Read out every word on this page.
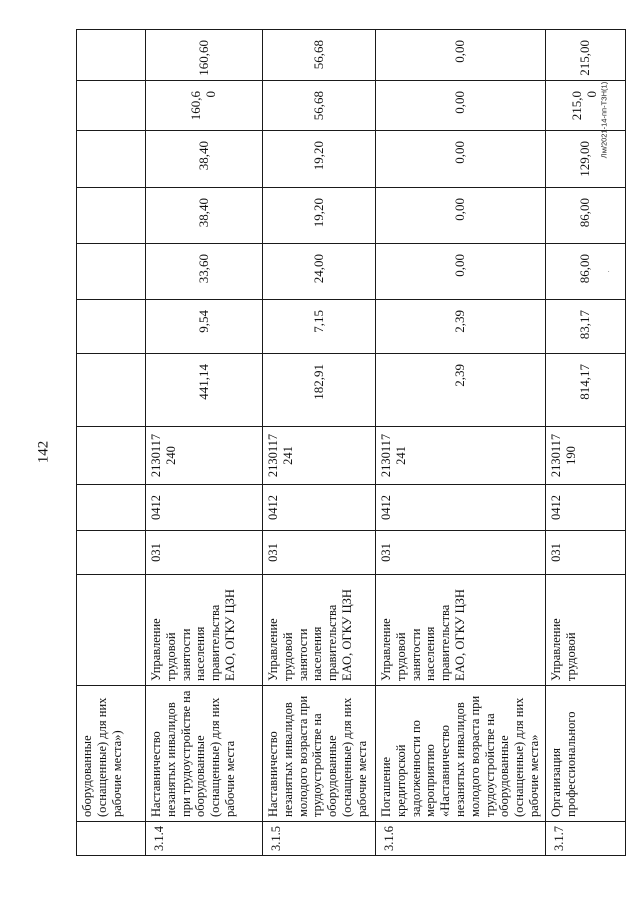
142
Лм/2021-14-пп-ТЗН(1)
.
	оборудованные (оснащенные) для них рабочие места»)											
3.1.4	Наставничество незанятых инвалидов при трудоустройстве на оборудованные (оснащенные) для них рабочие места	Управление трудовой занятости населения правительства ЕАО, ОГКУ ЦЗН	031	0412	2130117 240	441,14	9,54	33,60	38,40	38,40	160,60	160,60
3.1.5	Наставничество незанятых инвалидов молодого возраста при трудоустройстве на оборудованные (оснащенные) для них рабочие места	Управление трудовой занятости населения правительства ЕАО, ОГКУ ЦЗН	031	0412	2130117 241	182,91	7,15	24,00	19,20	19,20	56,68	56,68
3.1.6	Погашение кредиторской задолженности по мероприятию «Наставничество незанятых инвалидов молодого возраста при трудоустройстве на оборудованные (оснащенные) для них рабочие места»	Управление трудовой занятости населения правительства ЕАО, ОГКУ ЦЗН	031	0412	2130117 241	2,39	2,39	0,00	0,00	0,00	0,00	0,00
3.1.7	Организация профессионального	Управление трудовой	031	0412	2130117 190	814,17	83,17	86,00	86,00	129,00	215,00	215,00
